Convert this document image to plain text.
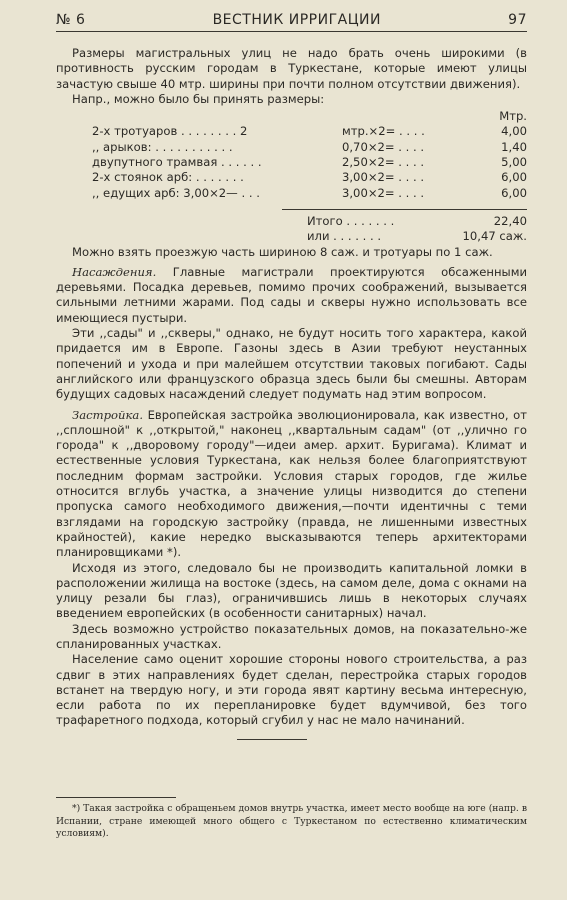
№ 6	ВЕСТНИК ИРРИГАЦИИ	97

Размеры магистральных улиц не надо брать очень широкими (в противность русским городам в Туркестане, которые имеют улицы зачастую свыше 40 мтр. ширины при почти полном отсутствии движения).

Напр., можно было бы принять размеры:

Мтр.
2-х тротуаров . . . . . . . . 2	мтр.×2= . . . .	4,00
,, арыков: . . . . . . . . . . .	0,70×2= . . . .	1,40
двупутного трамвая . . . . . .	2,50×2= . . . .	5,00
2-х стоянок арб: . . . . . . .	3,00×2= . . . .	6,00
,, едущих арб: 3,00×2— . . .	3,00×2= . . . .	6,00
Итого . . . . . . .	22,40
или . . . . . . .	10,47 саж.

Можно взять проезжую часть шириною 8 саж. и тротуары по 1 саж.

Насаждения. Главные магистрали проектируются обсаженными деревьями. Посадка деревьев, помимо прочих соображений, вызывается сильными летними жарами. Под сады и скверы нужно использовать все имеющиеся пустыри.

Эти ,,сады" и ,,скверы," однако, не будут носить того характера, какой придается им в Европе. Газоны здесь в Азии требуют неустанных попечений и ухода и при малейшем отсутствии таковых погибают. Сады английского или французского образца здесь были бы смешны. Авторам будущих садовых насаждений следует подумать над этим вопросом.

Застройка. Европейская застройка эволюционировала, как известно, от ,,сплошной" к ,,открытой," наконец ,,квартальным садам" (от ,,улично го города" к ,,дворовому городу"—идеи амер. архит. Буригама). Климат и естественные условия Туркестана, как нельзя более благоприятствуют последним формам застройки. Условия старых городов, где жилье относится вглубь участка, а значение улицы низводится до степени пропуска самого необходимого движения,—почти идентичны с теми взглядами на городскую застройку (правда, не лишенными известных крайностей), какие нередко высказываются теперь архитекторами планировщиками *).

Исходя из этого, следовало бы не производить капитальной ломки в расположении жилища на востоке (здесь, на самом деле, дома с окнами на улицу резали бы глаз), ограничившись лишь в некоторых случаях введением европейских (в особенности санитарных) начал.

Здесь возможно устройство показательных домов, на показательно-же спланированных участках.

Население само оценит хорошие стороны нового строительства, а раз сдвиг в этих направлениях будет сделан, перестройка старых городов встанет на твердую ногу, и эти города явят картину весьма интересную, если работа по их перепланировке будет вдумчивой, без того трафаретного подхода, который сгубил у нас не мало начинаний.

*) Такая застройка с обращеньем домов внутрь участка, имеет место вообще на юге (напр. в Испании, стране имеющей много общего с Туркестаном по естественно климатическим условиям).
